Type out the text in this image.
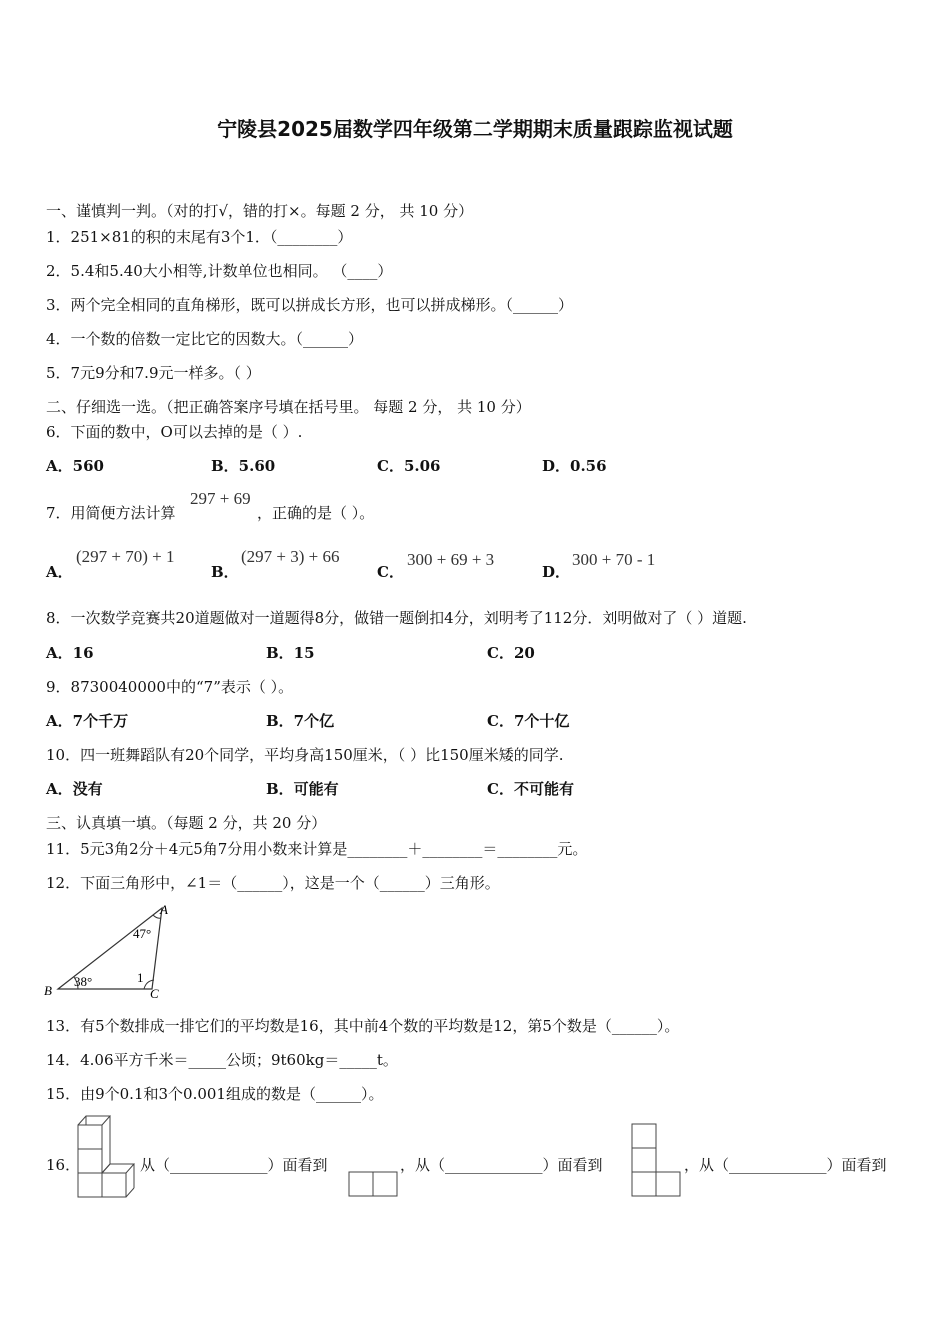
宁陵县2025届数学四年级第二学期期末质量跟踪监视试题
一、谨慎判一判。（对的打√，错的打×。每题 2 分， 共 10 分）
1．251×81的积的末尾有3个1．（________）
2．5.4和5.40大小相等,计数单位也相同。 （____）
3．两个完全相同的直角梯形，既可以拼成长方形，也可以拼成梯形。（______）
4．一个数的倍数一定比它的因数大。（______）
5．7元9分和7.9元一样多。（ ）
二、仔细选一选。（把正确答案序号填在括号里。 每题 2 分， 共 10 分）
6．下面的数中，O可以去掉的是（ ）.
A．560	B．5.60	C．5.06	D．0.56
7．用简便方法计算
297 + 69
，正确的是（ ）。
A．
(297 + 70) + 1
B．
(297 + 3) + 66
C．
300 + 69 + 3
D．
300 + 70 - 1
8．一次数学竞赛共20道题做对一道题得8分，做错一题倒扣4分，刘明考了112分．刘明做对了（ ）道题.
A．16	B．15	C．20
9．8730040000中的“7”表示（ ）。
A．7个千万	B．7个亿	C．7个十亿
10．四一班舞蹈队有20个同学，平均身高150厘米，（ ）比150厘米矮的同学.
A．没有	B．可能有	C．不可能有
三、认真填一填。（每题 2 分，共 20 分）
11．5元3角2分＋4元5角7分用小数来计算是________＋________＝________元。
12．下面三角形中，∠1＝（______），这是一个（______）三角形。
A
B	C
47°
38°	1
13．有5个数排成一排它们的平均数是16，其中前4个数的平均数是12，第5个数是（______）。
14．4.06平方千米＝_____公顷；9t60kg＝_____t。
15．由9个0.1和3个0.001组成的数是（______）。
16．	从（_____________）面看到	，从（_____________）面看到	，从（_____________）面看到
